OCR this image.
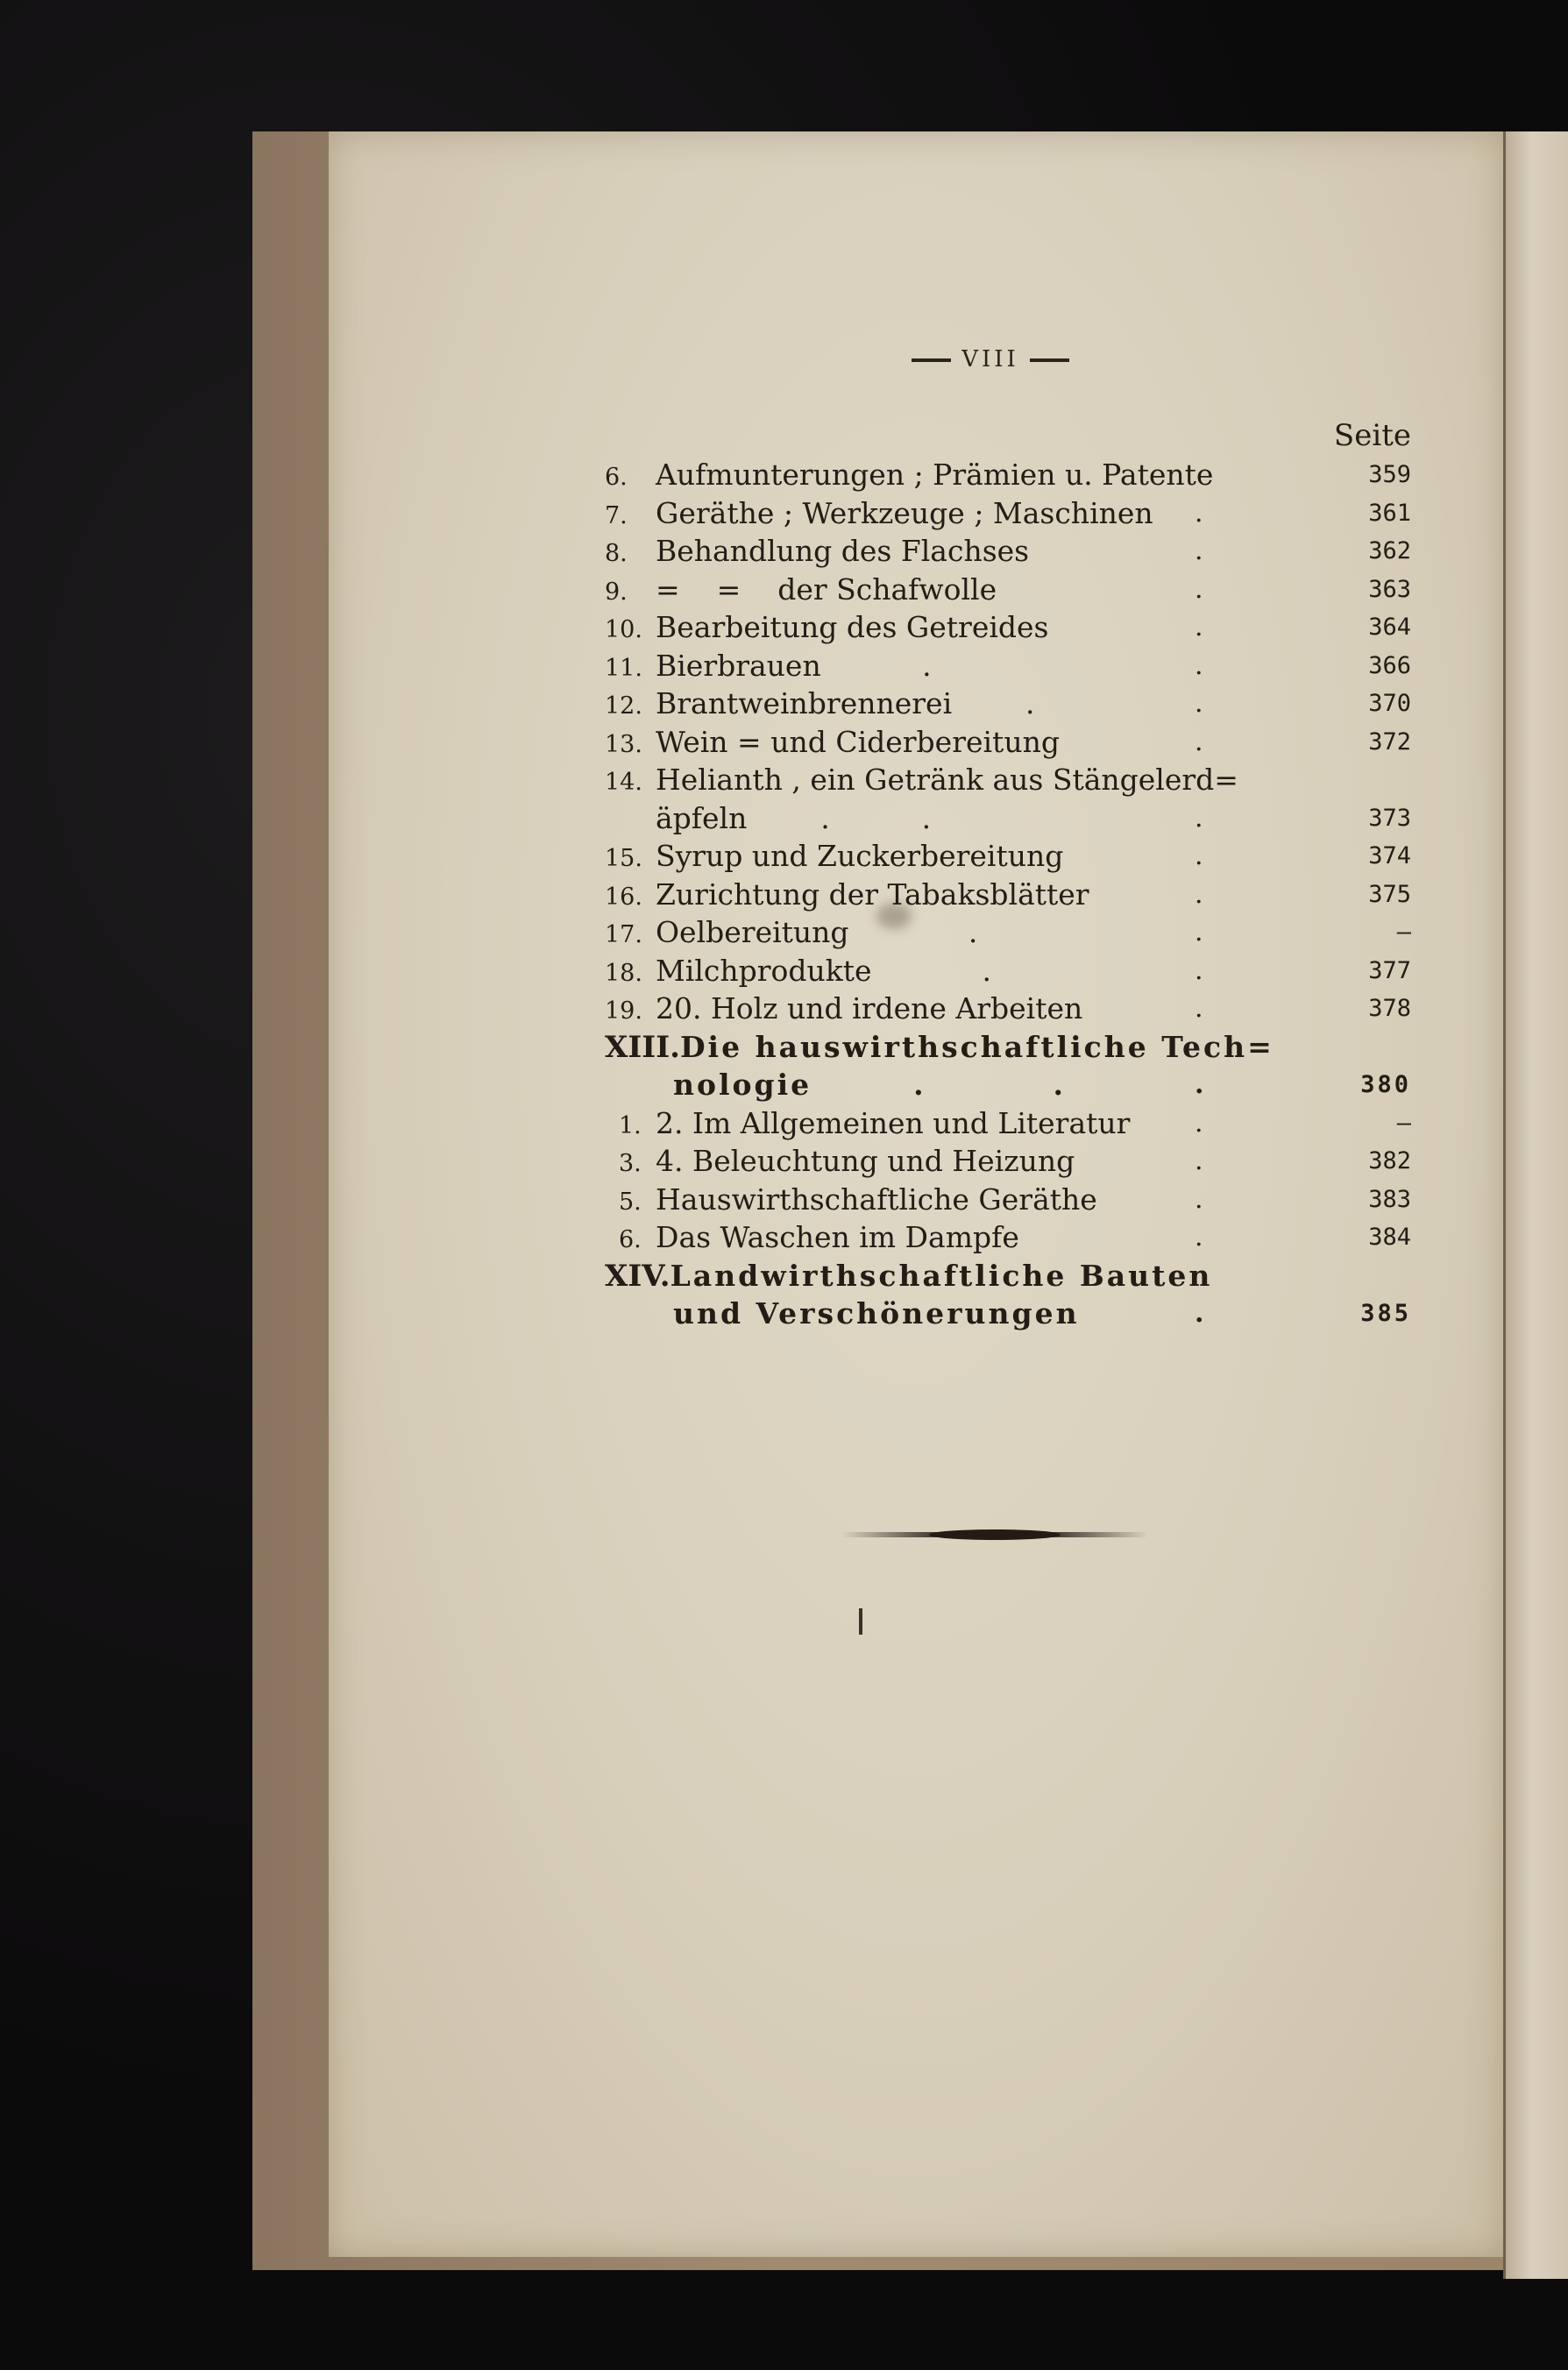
VIII
Seite
6. Aufmunterungen ; Prämien u. Patente	359
7. Geräthe ; Werkzeuge ; Maschinen .	361
8. Behandlung des Flachses	.	362
9. =    =    der Schafwolle	.	363
10. Bearbeitung des Getreides	.	364
11. Bierbrauen           .	.	366
12. Brantweinbrennerei        .	.	370
13. Wein = und Ciderbereitung	.	372
14. Helianth , ein Getränk aus Stängelerd=
äpfeln        .          .	.	373
15. Syrup und Zuckerbereitung	.	374
16. Zurichtung der Tabaksblätter	.	375
17. Oelbereitung             .	.	—
18. Milchprodukte            .	.	377
19. 20. Holz und irdene Arbeiten	.	378
XIII.Die hauswirthschaftliche Tech=
nologie        .          .	.	380
1. 2. Im Allgemeinen und Literatur .	—
3. 4. Beleuchtung und Heizung	.	382
5. Hauswirthschaftliche Geräthe	.	383
6. Das Waschen im Dampfe	.	384
XIV.Landwirthschaftliche Bauten
und Verschönerungen	.	385
